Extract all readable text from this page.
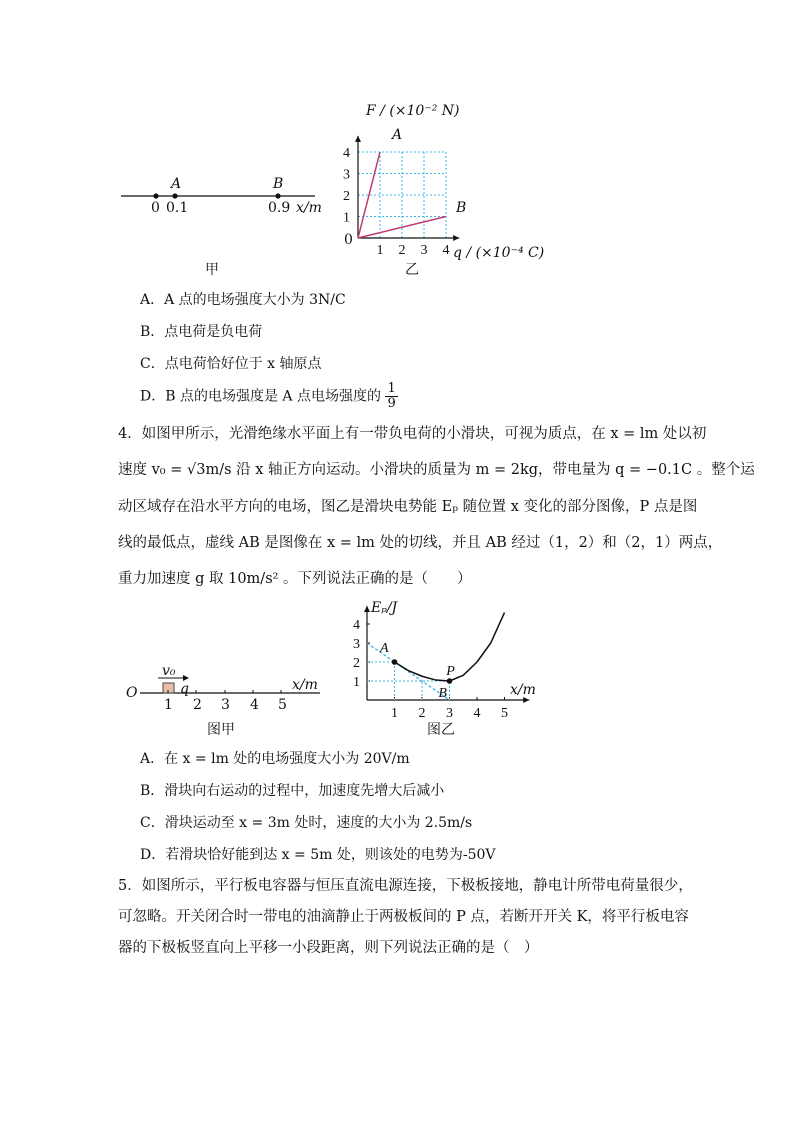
A	B
0 0.1	0.9 x/m
甲
1
1
2
2
3
3
4
4
F / (×10⁻² N)
q / (×10⁻⁴ C)
0
A
B
乙
A．A 点的电场强度大小为 3N/C
B．点电荷是负电荷
C．点电荷恰好位于 x 轴原点
D．B 点的电场强度是 A 点电场强度的 $\frac{1}{9}$
4．如图甲所示，光滑绝缘水平面上有一带负电荷的小滑块，可视为质点，在 x = lm 处以初
速度 v₀ = √3m/s 沿 x 轴正方向运动。小滑块的质量为 m = 2kg，带电量为 q = −0.1C 。整个运
动区域存在沿水平方向的电场，图乙是滑块电势能 Eₚ 随位置 x 变化的部分图像，P 点是图
线的最低点，虚线 AB 是图像在 x = lm 处的切线，并且 AB 经过（1，2）和（2，1）两点，
重力加速度 g 取 10m/s² 。下列说法正确的是（　　）
O
v₀
q
1 2 3 4 5
x/m
图甲
1 2 3 4 5
1
2
3
4
A
B
P
Eₚ/J
x/m
图乙
A．在 x = lm 处的电场强度大小为 20V/m
B．滑块向右运动的过程中，加速度先增大后减小
C．滑块运动至 x = 3m 处时，速度的大小为 2.5m/s
D．若滑块恰好能到达 x = 5m 处，则该处的电势为-50V
5．如图所示，平行板电容器与恒压直流电源连接，下极板接地，静电计所带电荷量很少，
可忽略。开关闭合时一带电的油滴静止于两极板间的 P 点，若断开开关 K，将平行板电容
器的下极板竖直向上平移一小段距离，则下列说法正确的是（　）
